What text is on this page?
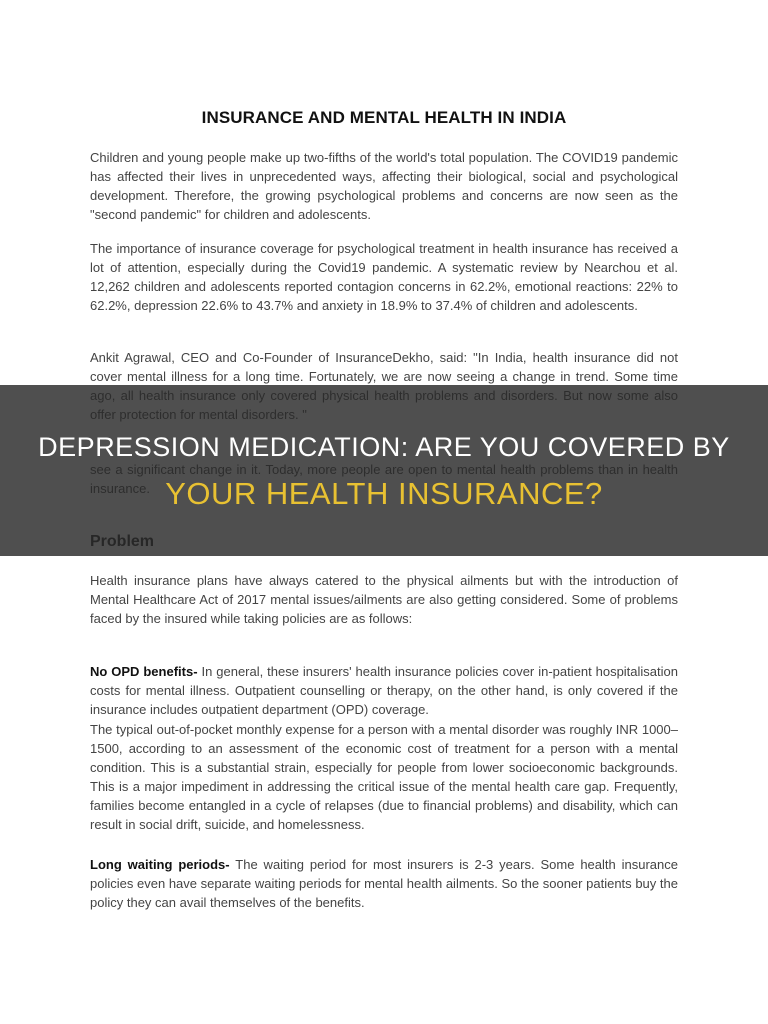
INSURANCE AND MENTAL HEALTH IN INDIA

Children and young people make up two-fifths of the world's total population. The COVID19 pandemic has affected their lives in unprecedented ways, affecting their biological, social and psychological development. Therefore, the growing psychological problems and concerns are now seen as the "second pandemic" for children and adolescents.

The importance of insurance coverage for psychological treatment in health insurance has received a lot of attention, especially during the Covid19 pandemic. A systematic review by Nearchou et al. 12,262 children and adolescents reported contagion concerns in 62.2%, emotional reactions: 22% to 62.2%, depression 22.6% to 43.7% and anxiety in 18.9% to 37.4% of children and adolescents.

Ankit Agrawal, CEO and Co-Founder of InsuranceDekho, said: "In India, health insurance did not cover mental illness for a long time. Fortunately, we are now seeing a change in trend. Some time

Health insurance plans have always catered to the physical ailments but with the introduction of Mental Healthcare Act of 2017 mental issues/ailments are also getting considered. Some of problems faced by the insured while taking policies are as follows:

No OPD benefits- In general, these insurers' health insurance policies cover in-patient hospitalisation costs for mental illness. Outpatient counselling or therapy, on the other hand, is only covered if the insurance includes outpatient department (OPD) coverage.

The typical out-of-pocket monthly expense for a person with a mental disorder was roughly INR 1000–1500, according to an assessment of the economic cost of treatment for a person with a mental condition. This is a substantial strain, especially for people from lower socioeconomic backgrounds. This is a major impediment in addressing the critical issue of the mental health care gap. Frequently, families become entangled in a cycle of relapses (due to financial problems) and disability, which can result in social drift, suicide, and homelessness.

Long waiting periods- The waiting period for most insurers is 2-3 years. Some health insurance policies even have separate waiting periods for mental health ailments. So the sooner patients buy the policy they can avail themselves of the benefits.

DEPRESSION MEDICATION: ARE YOU COVERED BY
YOUR HEALTH INSURANCE?
